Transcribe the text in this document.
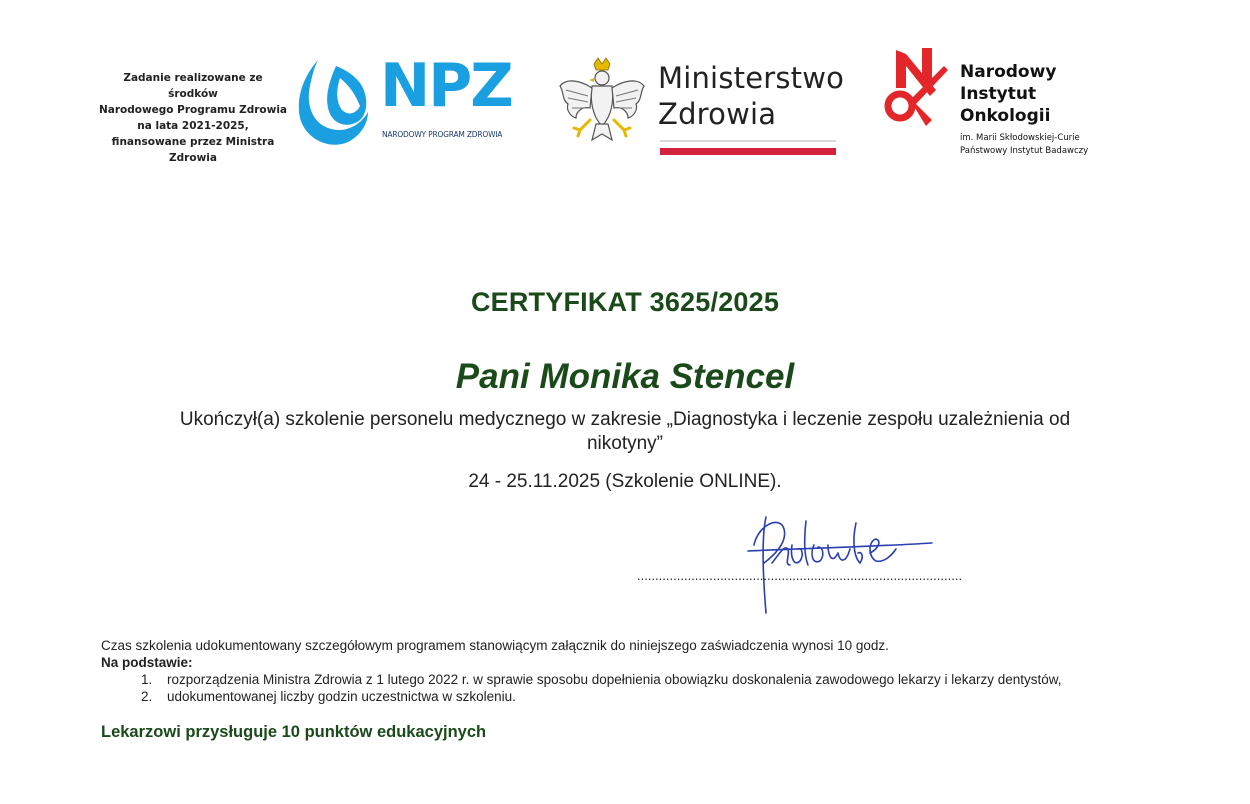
Zadanie realizowane ze środków
Narodowego Programu Zdrowia
na lata 2021-2025,
finansowane przez Ministra Zdrowia
NPZ
NARODOWY PROGRAM ZDROWIA
Ministerstwo
Zdrowia
Narodowy
Instytut
Onkologii
im. Marii Skłodowskiej-Curie
Państwowy Instytut Badawczy
CERTYFIKAT 3625/2025
Pani Monika Stencel
Ukończył(a) szkolenie personelu medycznego w zakresie „Diagnostyka i leczenie zespołu uzależnienia od
nikotyny”
24 - 25.11.2025 (Szkolenie ONLINE).
..........................................................................................
Czas szkolenia udokumentowany szczegółowym programem stanowiącym załącznik do niniejszego zaświadczenia wynosi 10 godz.
Na podstawie:
1. rozporządzenia Ministra Zdrowia z 1 lutego 2022 r. w sprawie sposobu dopełnienia obowiązku doskonalenia zawodowego lekarzy i lekarzy dentystów,
2. udokumentowanej liczby godzin uczestnictwa w szkoleniu.
Lekarzowi przysługuje 10 punktów edukacyjnych
